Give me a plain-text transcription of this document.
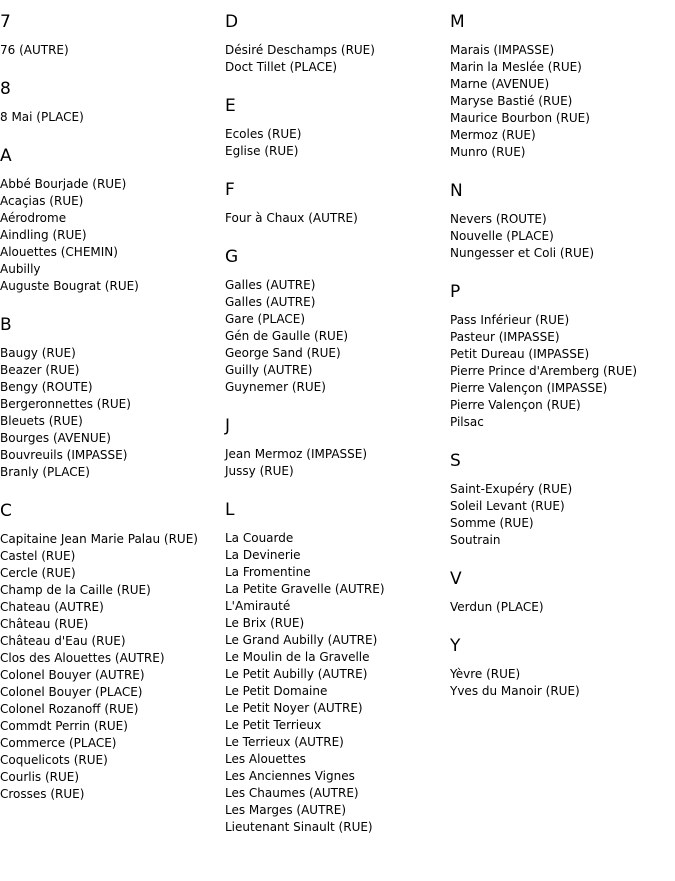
7
76 (AUTRE)
8
8 Mai (PLACE)
A
Abbé Bourjade (RUE)
Acaçias (RUE)
Aérodrome
Aindling (RUE)
Alouettes (CHEMIN)
Aubilly
Auguste Bougrat (RUE)
B
Baugy (RUE)
Beazer (RUE)
Bengy (ROUTE)
Bergeronnettes (RUE)
Bleuets (RUE)
Bourges (AVENUE)
Bouvreuils (IMPASSE)
Branly (PLACE)
C
Capitaine Jean Marie Palau (RUE)
Castel (RUE)
Cercle (RUE)
Champ de la Caille (RUE)
Chateau (AUTRE)
Château (RUE)
Château d'Eau (RUE)
Clos des Alouettes (AUTRE)
Colonel Bouyer (AUTRE)
Colonel Bouyer (PLACE)
Colonel Rozanoff (RUE)
Commdt Perrin (RUE)
Commerce (PLACE)
Coquelicots (RUE)
Courlis (RUE)
Crosses (RUE)
D
Désiré Deschamps (RUE)
Doct Tillet (PLACE)
E
Ecoles (RUE)
Eglise (RUE)
F
Four à Chaux (AUTRE)
G
Galles (AUTRE)
Galles (AUTRE)
Gare (PLACE)
Gén de Gaulle (RUE)
George Sand (RUE)
Guilly (AUTRE)
Guynemer (RUE)
J
Jean Mermoz (IMPASSE)
Jussy (RUE)
L
La Couarde
La Devinerie
La Fromentine
La Petite Gravelle (AUTRE)
L'Amirauté
Le Brix (RUE)
Le Grand Aubilly (AUTRE)
Le Moulin de la Gravelle
Le Petit Aubilly (AUTRE)
Le Petit Domaine
Le Petit Noyer (AUTRE)
Le Petit Terrieux
Le Terrieux (AUTRE)
Les Alouettes
Les Anciennes Vignes
Les Chaumes (AUTRE)
Les Marges (AUTRE)
Lieutenant Sinault (RUE)
M
Marais (IMPASSE)
Marin la Meslée (RUE)
Marne (AVENUE)
Maryse Bastié (RUE)
Maurice Bourbon (RUE)
Mermoz (RUE)
Munro (RUE)
N
Nevers (ROUTE)
Nouvelle (PLACE)
Nungesser et Coli (RUE)
P
Pass Inférieur (RUE)
Pasteur (IMPASSE)
Petit Dureau (IMPASSE)
Pierre Prince d'Aremberg (RUE)
Pierre Valençon (IMPASSE)
Pierre Valençon (RUE)
Pilsac
S
Saint-Exupéry (RUE)
Soleil Levant (RUE)
Somme (RUE)
Soutrain
V
Verdun (PLACE)
Y
Yèvre (RUE)
Yves du Manoir (RUE)
